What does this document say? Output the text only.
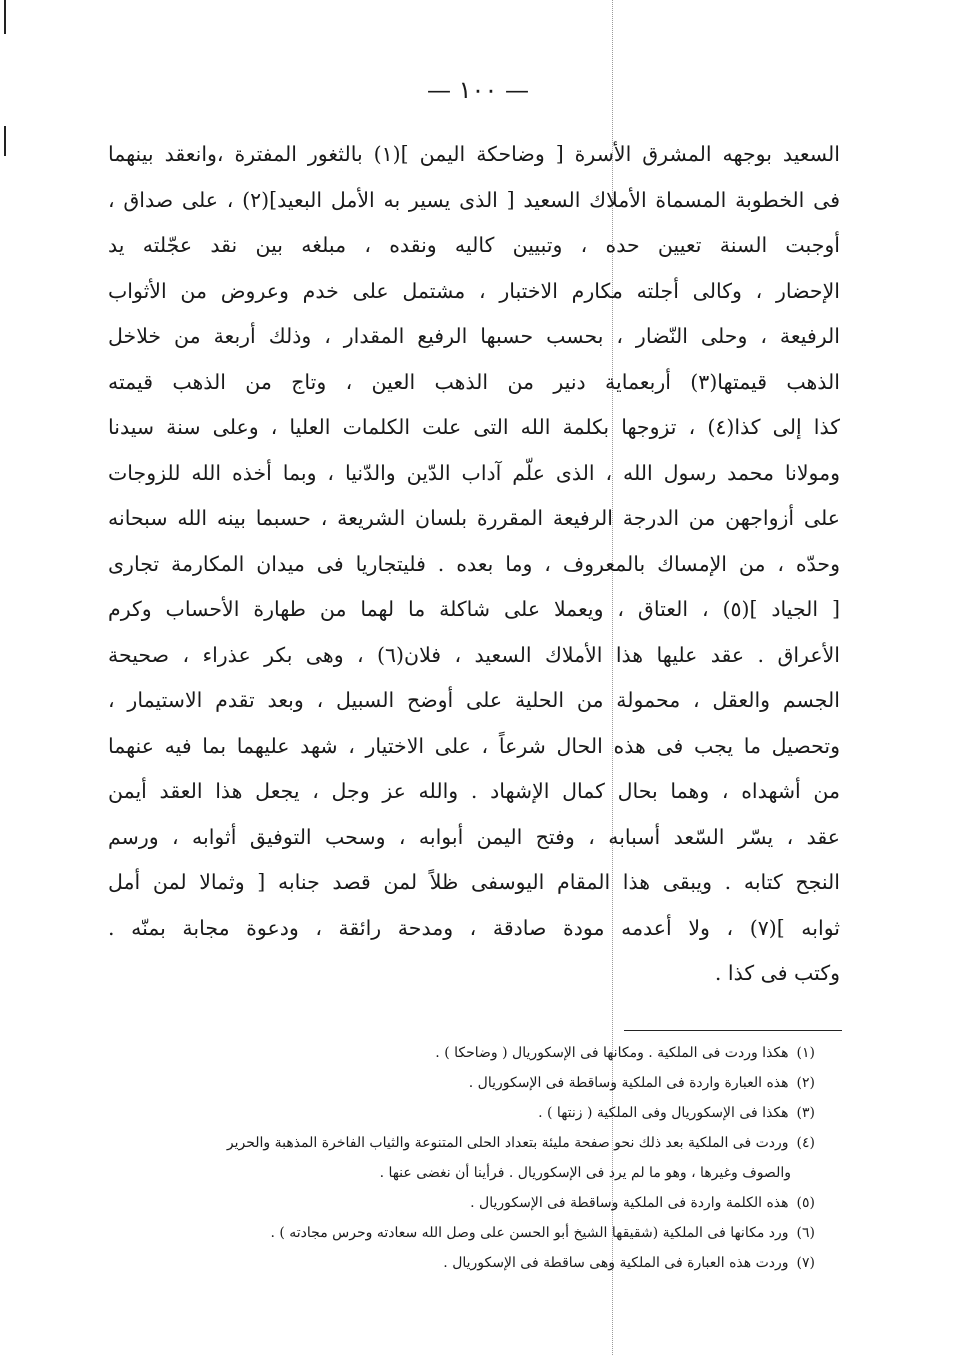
— ١٠٠ —
السعيد بوجهه المشرق الأسرة [ وضاحكة اليمن ](١) بالثغور المفترة ،وانعقد بينهما
فى الخطوبة المسماة الأملاك السعيد [ الذى يسير به الأمل البعيد](٢) ، على صداق ،
أوجبت السنة تعيين حده ، وتبيين كاليه ونقده ، مبلغه بين نقد عجّلته يد
الإحضار ، وكالى أجلته مكارم الاختبار ، مشتمل على خدم وعروض من الأثواب
الرفيعة ، وحلى النّضار ، بحسب حسبها الرفيع المقدار ، وذلك أربعة من خلاخل
الذهب قيمتها(٣) أربعماية دنير من الذهب العين ، وتاج من الذهب قيمته
كذا إلى كذا(٤) ، تزوجها بكلمة الله التى علت الكلمات العليا ، وعلى سنة سيدنا
ومولانا محمد رسول الله ، الذى علّم آداب الدّين والدّنيا ، وبما أخذه الله للزوجات
على أزواجهن من الدرجة الرفيعة المقررة بلسان الشريعة ، حسبما بينه الله سبحانه
وحدّه ، من الإمساك بالمعروف ، وما بعده . فليتجاريا فى ميدان المكارمة تجارى
[ الجياد ](٥) ، العتاق ، ويعملا على شاكلة ما لهما من طهارة الأحساب وكرم
الأعراق . عقد عليها هذا الأملاك السعيد ، فلان(٦) ، وهى بكر عذراء ، صحيحة
الجسم والعقل ، محمولة من الحلية على أوضح السبيل ، وبعد تقدم الاستيمار ،
وتحصيل ما يجب فى هذه الحال شرعاً ، على الاختيار ، شهد عليهما بما فيه عنهما
من أشهداه ، وهما بحال كمال الإشهاد . والله عز وجل ، يجعل هذا العقد أيمن
عقد ، يسّر السّعد أسبابه ، وفتح اليمن أبوابه ، وسحب التوفيق أثوابه ، ورسم
النجح كتابه . ويبقى هذا المقام اليوسفى ظلاً لمن قصد جنابه [ وثمالا لمن أمل
ثوابه ](٧) ، ولا أعدمه مودة صادقة ، ومدحة رائقة ، ودعوة مجابة بمنّه .
وكتب فى كذا .
(١)هكذا وردت فى الملكية . ومكانها فى الإسكوريال ( وضاحكا ) .
(٢)هذه العبارة واردة فى الملكية وساقطة فى الإسكوريال .
(٣)هكذا فى الإسكوريال وفى الملكية ( زنتها ) .
(٤)وردت فى الملكية بعد ذلك نحو صفحة مليئة بتعداد الحلى المتنوعة والثياب الفاخرة المذهبة والحرير
والصوف وغيرها ، وهو ما لم يرد فى الإسكوريال . فرأينا أن نغضى عنها .
(٥)هذه الكلمة واردة فى الملكية وساقطة فى الإسكوريال .
(٦)ورد مكانها فى الملكية (شقيقها الشيخ أبو الحسن على وصل الله سعادته وحرس مجادته ) .
(٧)وردت هذه العبارة فى الملكية وهى ساقطة فى الإسكوريال .
